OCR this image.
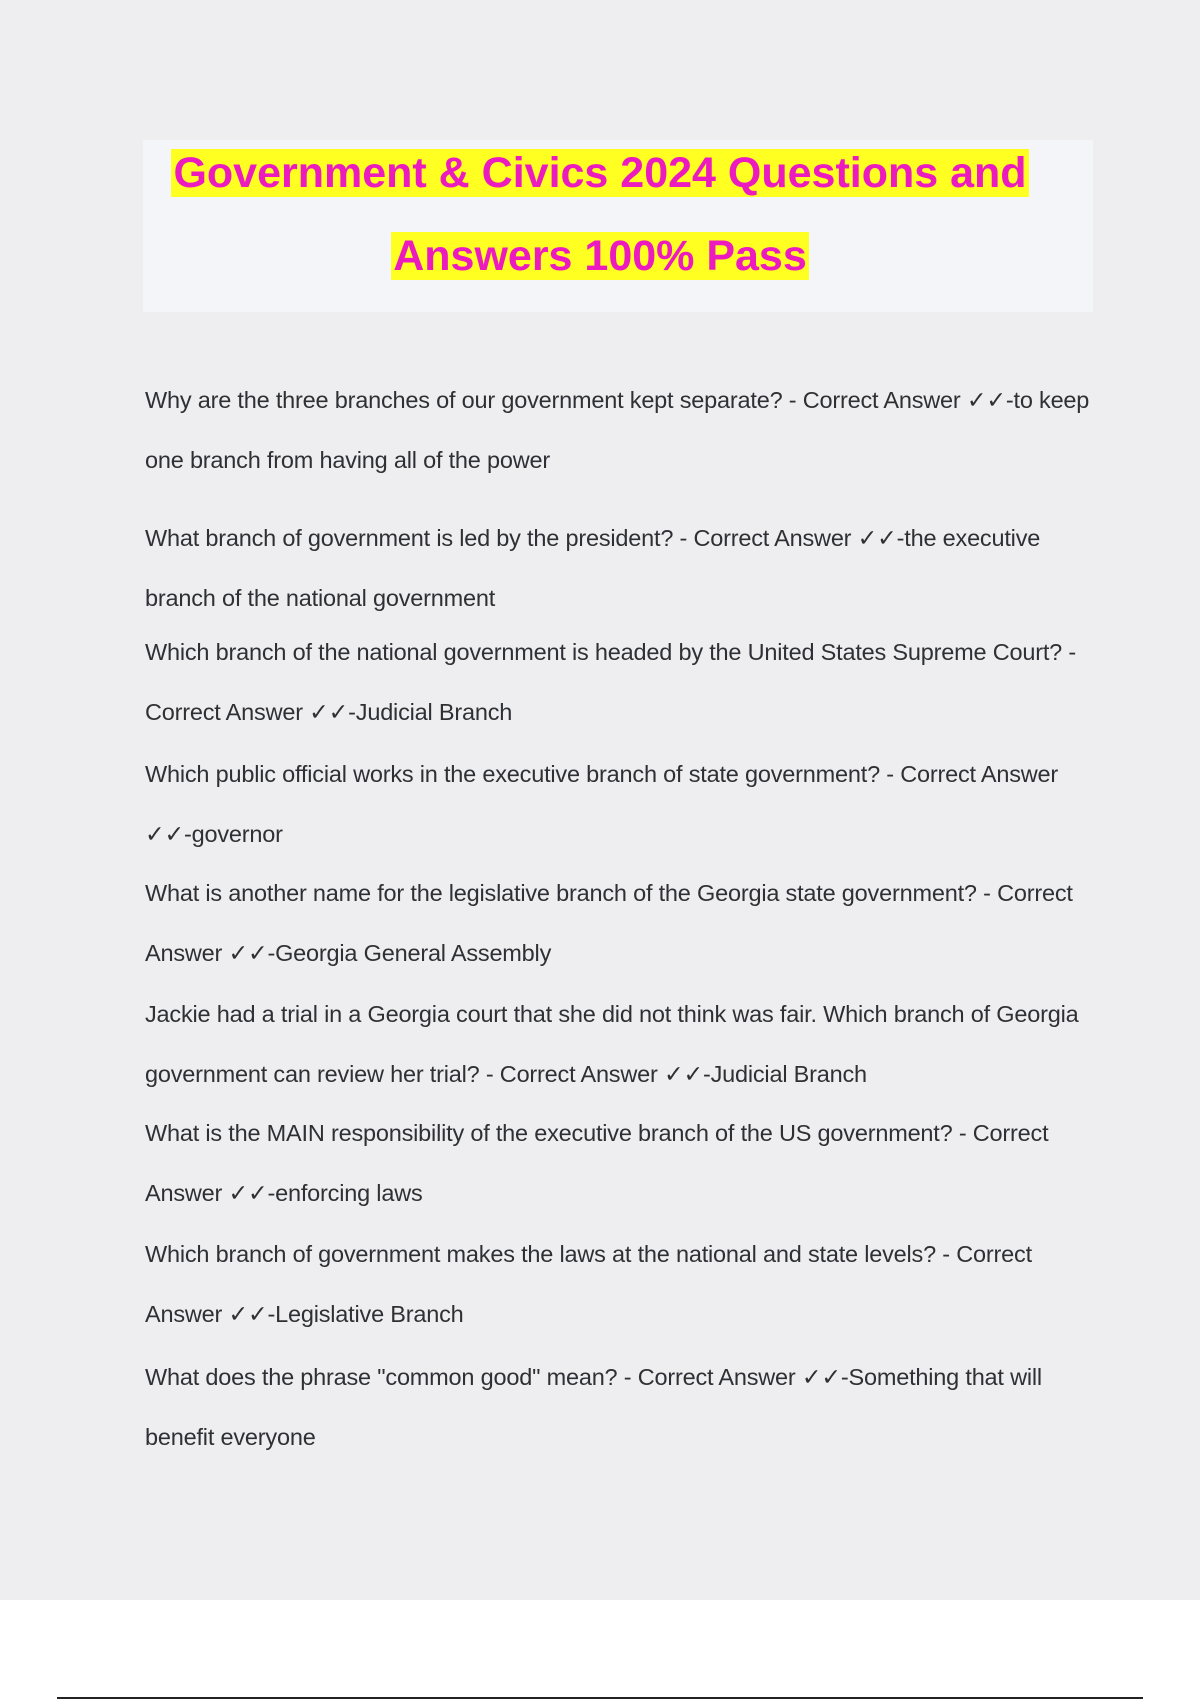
Government & Civics 2024 Questions and
Answers 100% Pass

Why are the three branches of our government kept separate? - Correct Answer ✓✓-to keep one branch from having all of the power

What branch of government is led by the president? - Correct Answer ✓✓-the executive branch of the national government

Which branch of the national government is headed by the United States Supreme Court? - Correct Answer ✓✓-Judicial Branch

Which public official works in the executive branch of state government? - Correct Answer ✓✓-governor

What is another name for the legislative branch of the Georgia state government? - Correct Answer ✓✓-Georgia General Assembly

Jackie had a trial in a Georgia court that she did not think was fair. Which branch of Georgia government can review her trial? - Correct Answer ✓✓-Judicial Branch

What is the MAIN responsibility of the executive branch of the US government? - Correct Answer ✓✓-enforcing laws

Which branch of government makes the laws at the national and state levels? - Correct Answer ✓✓-Legislative Branch

What does the phrase "common good" mean? - Correct Answer ✓✓-Something that will benefit everyone
